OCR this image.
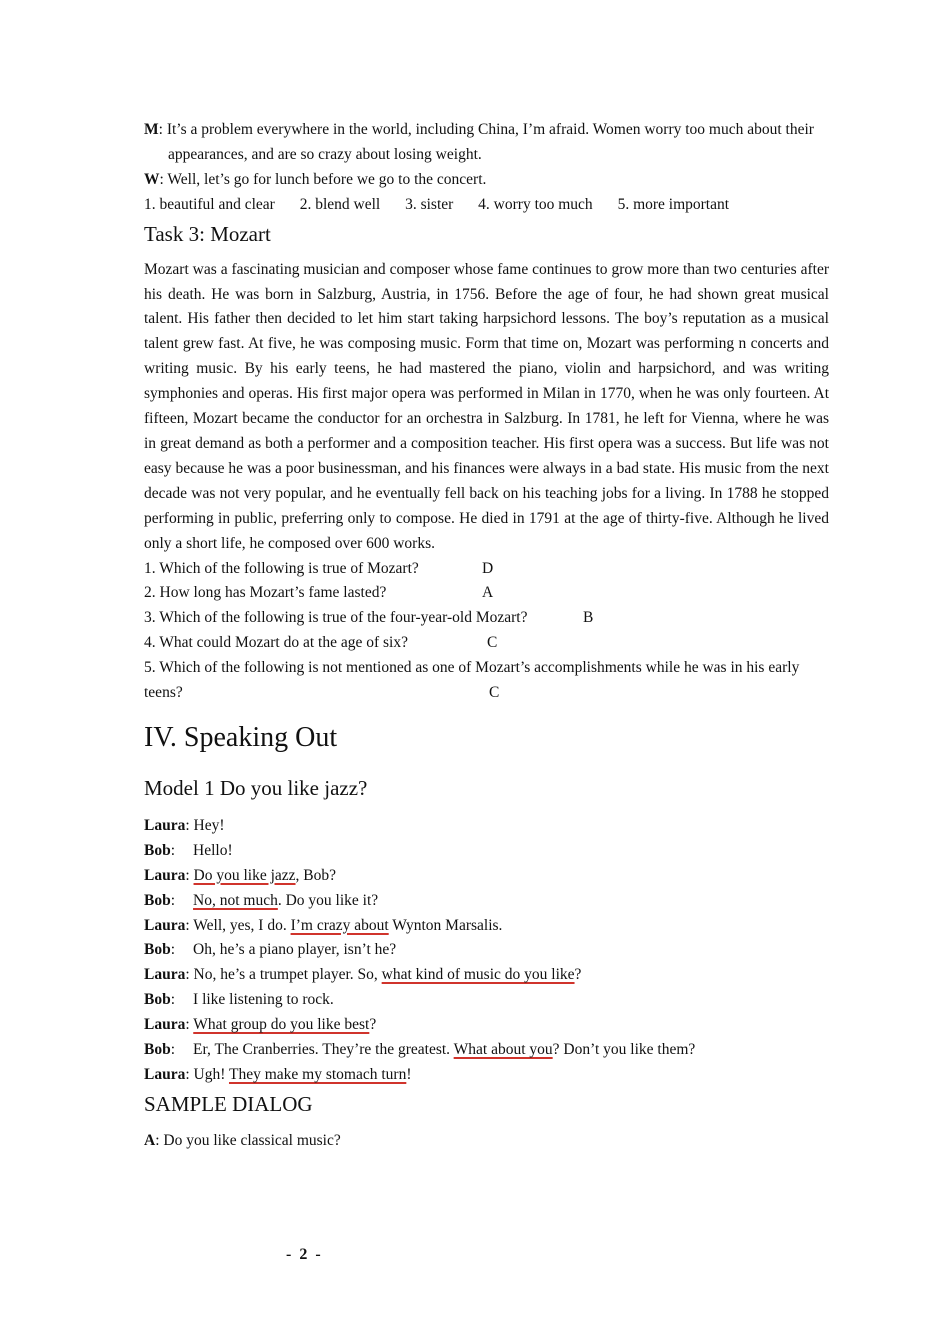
M: It’s a problem everywhere in the world, including China, I’m afraid. Women worry too much about their appearances, and are so crazy about losing weight.

W: Well, let’s go for lunch before we go to the concert.

1. beautiful and clear 2. blend well 3. sister 4. worry too much 5. more important

Task 3: Mozart

Mozart was a fascinating musician and composer whose fame continues to grow more than two centuries after his death. He was born in Salzburg, Austria, in 1756. Before the age of four, he had shown great musical talent. His father then decided to let him start taking harpsichord lessons. The boy’s reputation as a musical talent grew fast. At five, he was composing music. Form that time on, Mozart was performing n concerts and writing music. By his early teens, he had mastered the piano, violin and harpsichord, and was writing symphonies and operas. His first major opera was performed in Milan in 1770, when he was only fourteen. At fifteen, Mozart became the conductor for an orchestra in Salzburg. In 1781, he left for Vienna, where he was in great demand as both a performer and a composition teacher. His first opera was a success. But life was not easy because he was a poor businessman, and his finances were always in a bad state. His music from the next decade was not very popular, and he eventually fell back on his teaching jobs for a living. In 1788 he stopped performing in public, preferring only to compose. He died in 1791 at the age of thirty-five. Although he lived only a short life, he composed over 600 works.

1. Which of the following is true of Mozart?	D

2. How long has Mozart’s fame lasted?	A

3. Which of the following is true of the four-year-old Mozart?	B

4. What could Mozart do at the age of six?	C

5. Which of the following is not mentioned as one of Mozart’s accomplishments while he was in his early teens?	C

IV. Speaking Out
Model 1 Do you like jazz?

Laura: Hey!

Bob: Hello!

Laura: Do you like jazz, Bob?

Bob: No, not much. Do you like it?

Laura: Well, yes, I do. I’m crazy about Wynton Marsalis.

Bob: Oh, he’s a piano player, isn’t he?

Laura: No, he’s a trumpet player. So, what kind of music do you like?

Bob: I like listening to rock.

Laura: What group do you like best?

Bob: Er, The Cranberries. They’re the greatest. What about you? Don’t you like them?

Laura: Ugh! They make my stomach turn!

SAMPLE DIALOG

A: Do you like classical music?

- 2 -
